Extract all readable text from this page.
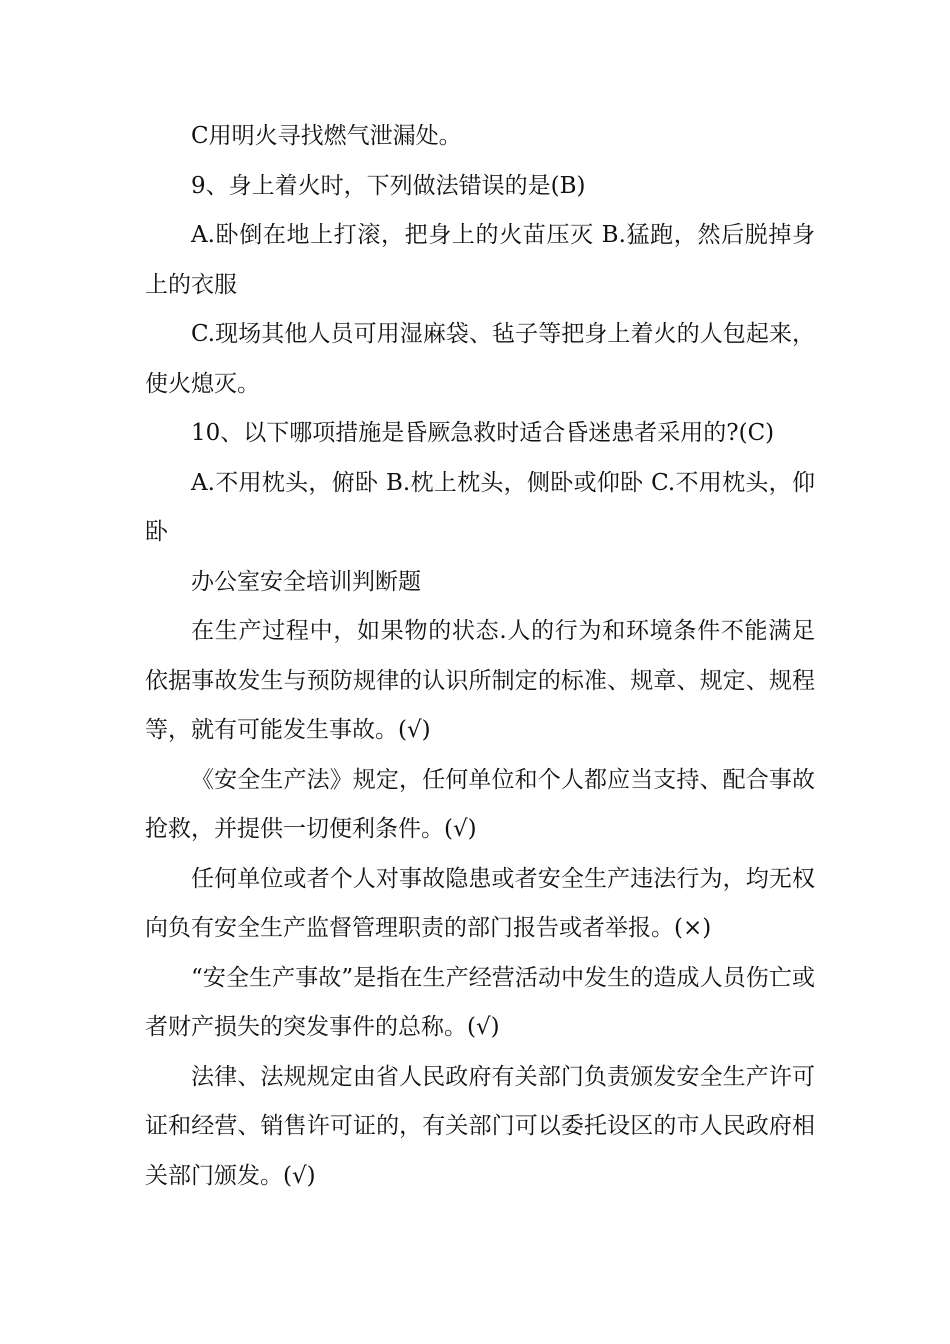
C用明火寻找燃气泄漏处。

9、身上着火时，下列做法错误的是(B)

A.卧倒在地上打滚，把身上的火苗压灭 B.猛跑，然后脱掉身上的衣服

C.现场其他人员可用湿麻袋、毡子等把身上着火的人包起来，使火熄灭。

10、以下哪项措施是昏厥急救时适合昏迷患者采用的?(C)

A.不用枕头，俯卧 B.枕上枕头，侧卧或仰卧 C.不用枕头，仰卧

办公室安全培训判断题

在生产过程中，如果物的状态.人的行为和环境条件不能满足依据事故发生与预防规律的认识所制定的标准、规章、规定、规程等，就有可能发生事故。(√)

《安全生产法》规定，任何单位和个人都应当支持、配合事故抢救，并提供一切便利条件。(√)

任何单位或者个人对事故隐患或者安全生产违法行为，均无权向负有安全生产监督管理职责的部门报告或者举报。(×)

“安全生产事故”是指在生产经营活动中发生的造成人员伤亡或者财产损失的突发事件的总称。(√)

法律、法规规定由省人民政府有关部门负责颁发安全生产许可证和经营、销售许可证的，有关部门可以委托设区的市人民政府相关部门颁发。(√)
